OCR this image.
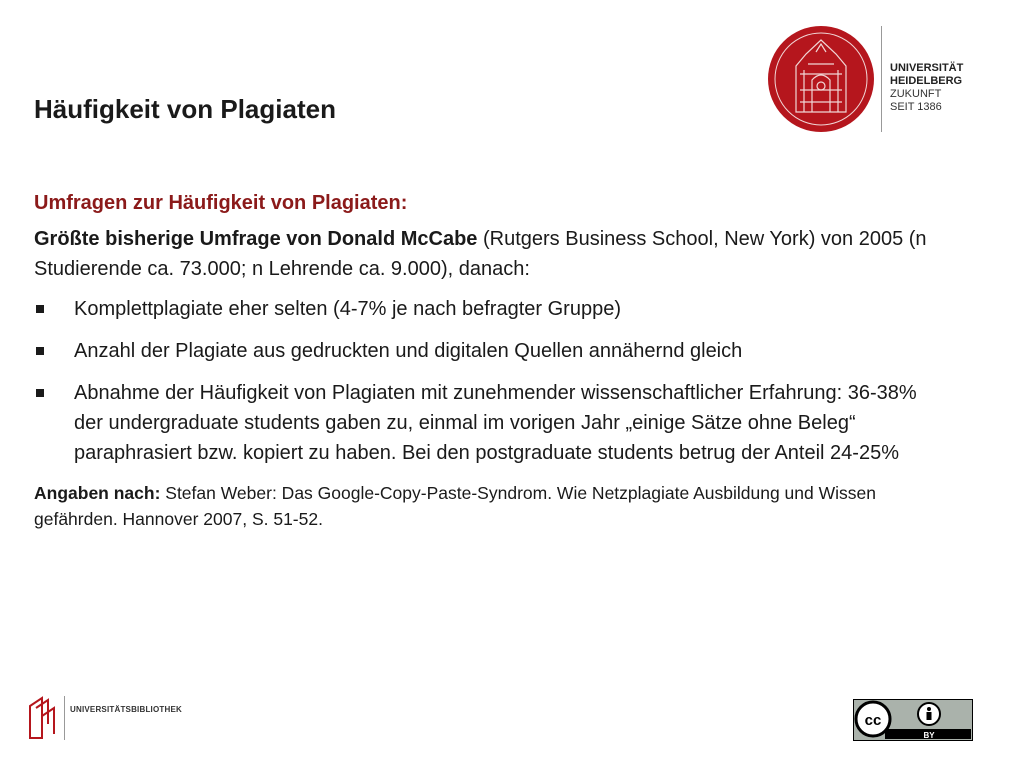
Häufigkeit von Plagiaten
Umfragen zur Häufigkeit von Plagiaten:

Größte bisherige Umfrage von Donald McCabe (Rutgers Business School, New York) von 2005 (n Studierende ca. 73.000; n Lehrende ca. 9.000), danach:

Komplettplagiate eher selten (4-7% je nach befragter Gruppe)
Anzahl der Plagiate aus gedruckten und digitalen Quellen annähernd gleich
Abnahme der Häufigkeit von Plagiaten mit zunehmender wissenschaftlicher Erfahrung: 36-38% der undergraduate students gaben zu, einmal im vorigen Jahr „einige Sätze ohne Beleg“ paraphrasiert bzw. kopiert zu haben. Bei den postgraduate students betrug der Anteil 24-25%
Angaben nach: Stefan Weber: Das Google-Copy-Paste-Syndrom. Wie Netzplagiate Ausbildung und Wissen gefährden. Hannover 2007, S. 51-52.
UNIVERSITÄT
HEIDELBERG
ZUKUNFT
SEIT 1386
UNIVERSITÄTSBIBLIOTHEK
cc
BY
